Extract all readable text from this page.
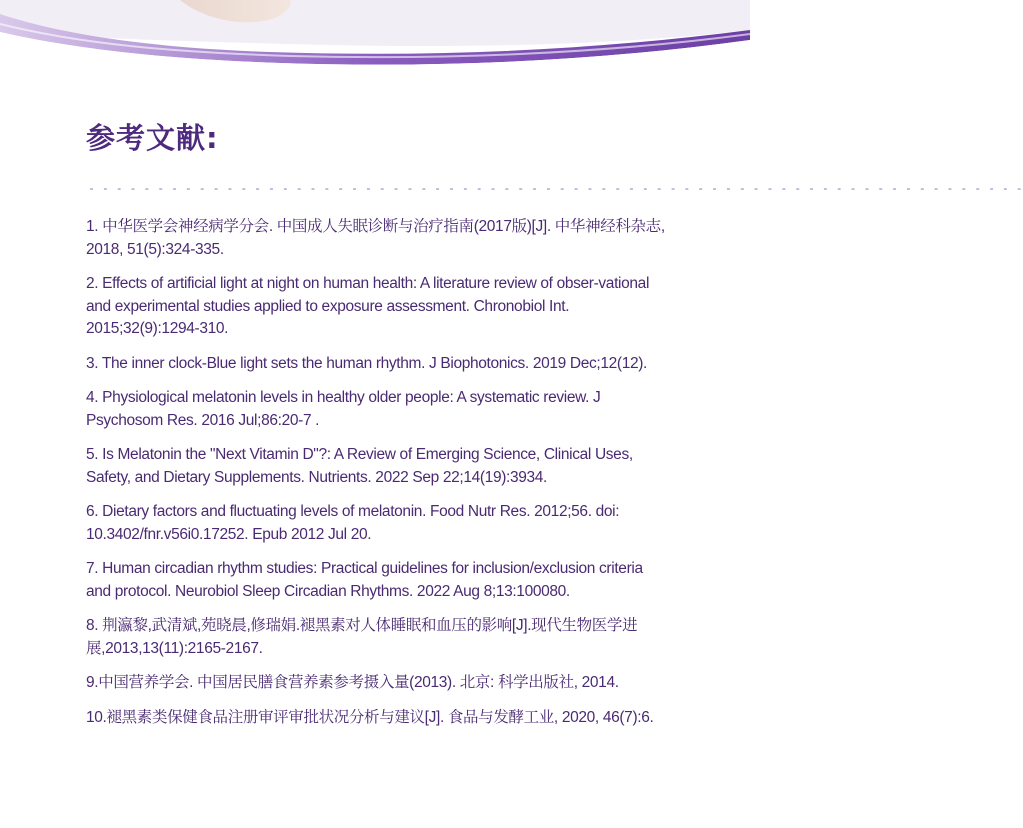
参考文献:
- - - - - - - - - - - - - - - - - - - - - - - - - - - - - - - - - - - - - - - - - - - - - - - - - - - - - - - - - - - - - - - - - - - -
1. 中华医学会神经病学分会. 中国成人失眠诊断与治疗指南(2017版)[J]. 中华神经科杂志, 2018, 51(5):324-335.
2. Effects of artificial light at night on human health: A literature review of obser-vational and experimental studies applied to exposure assessment. Chronobiol Int. 2015;32(9):1294-310.
3. The inner clock-Blue light sets the human rhythm. J Biophotonics. 2019 Dec;12(12).
4. Physiological melatonin levels in healthy older people: A systematic review. J Psychosom Res. 2016 Jul;86:20-7 .
5. Is Melatonin the "Next Vitamin D"?: A Review of Emerging Science, Clinical Uses, Safety, and Dietary Supplements. Nutrients. 2022 Sep 22;14(19):3934.
6. Dietary factors and fluctuating levels of melatonin. Food Nutr Res. 2012;56. doi: 10.3402/fnr.v56i0.17252. Epub 2012 Jul 20.
7. Human circadian rhythm studies: Practical guidelines for inclusion/exclusion criteria and protocol. Neurobiol Sleep Circadian Rhythms. 2022 Aug 8;13:100080.
8. 荆瀛黎,武清斌,苑晓晨,修瑞娟.褪黑素对人体睡眠和血压的影响[J].现代生物医学进展,2013,13(11):2165-2167.
9.中国营养学会. 中国居民膳食营养素参考摄入量(2013). 北京: 科学出版社, 2014.
10.褪黑素类保健食品注册审评审批状况分析与建议[J]. 食品与发酵工业, 2020, 46(7):6.
